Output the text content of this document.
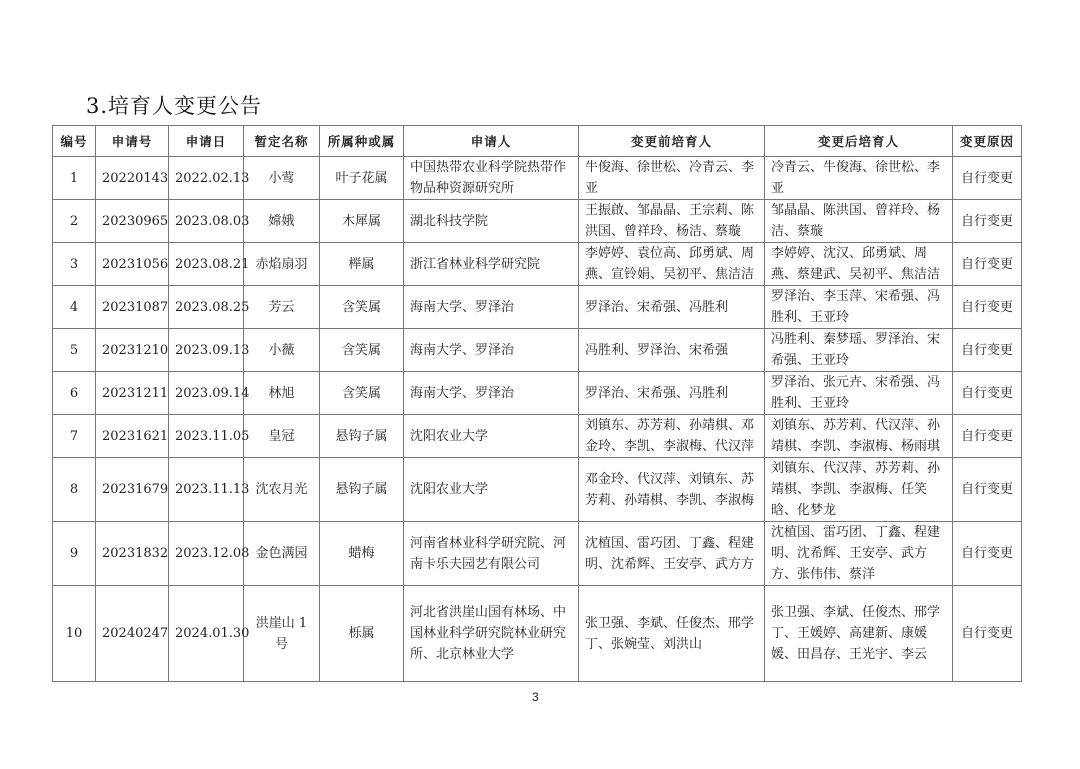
3.培育人变更公告
编号	申请号	申请日	暂定名称	所属种或属	申请人	变更前培育人	变更后培育人	变更原因
1	20220143	2022.02.13	小莺	叶子花属	中国热带农业科学院热带作物品种资源研究所	牛俊海、徐世松、冷青云、李亚	冷青云、牛俊海、徐世松、李亚	自行变更
2	20230965	2023.08.03	嫦娥	木犀属	湖北科技学院	王振啟、邹晶晶、王宗莉、陈洪国、曾祥玲、杨洁、蔡璇	邹晶晶、陈洪国、曾祥玲、杨洁、蔡璇	自行变更
3	20231056	2023.08.21	赤焰扇羽	榉属	浙江省林业科学研究院	李婷婷、袁位高、邱勇斌、周燕、宣铃娟、吴初平、焦洁洁	李婷婷、沈汉、邱勇斌、周燕、蔡建武、吴初平、焦洁洁	自行变更
4	20231087	2023.08.25	芳云	含笑属	海南大学、罗泽治	罗泽治、宋希强、冯胜利	罗泽治、李玉萍、宋希强、冯胜利、王亚玲	自行变更
5	20231210	2023.09.13	小薇	含笑属	海南大学、罗泽治	冯胜利、罗泽治、宋希强	冯胜利、秦梦瑶、罗泽治、宋希强、王亚玲	自行变更
6	20231211	2023.09.14	林旭	含笑属	海南大学、罗泽治	罗泽治、宋希强、冯胜利	罗泽治、张元卉、宋希强、冯胜利、王亚玲	自行变更
7	20231621	2023.11.05	皇冠	悬钩子属	沈阳农业大学	刘镇东、苏芳莉、孙靖棋、邓金玲、李凯、李淑梅、代汉萍	刘镇东、苏芳莉、代汉萍、孙靖棋、李凯、李淑梅、杨雨琪	自行变更
8	20231679	2023.11.13	沈农月光	悬钩子属	沈阳农业大学	邓金玲、代汉萍、刘镇东、苏芳莉、孙靖棋、李凯、李淑梅	刘镇东、代汉萍、苏芳莉、孙靖棋、李凯、李淑梅、任笑晗、化梦龙	自行变更
9	20231832	2023.12.08	金色满园	蜡梅	河南省林业科学研究院、河南卡乐夫园艺有限公司	沈植国、雷巧团、丁鑫、程建明、沈希辉、王安亭、武方方	沈植国、雷巧团、丁鑫、程建明、沈希辉、王安亭、武方方、张伟伟、蔡洋	自行变更
10	20240247	2024.01.30	洪崖山 1 号	栎属	河北省洪崖山国有林场、中国林业科学研究院林业研究所、北京林业大学	张卫强、李斌、任俊杰、邢学丁、张婉莹、刘洪山	张卫强、李斌、任俊杰、邢学丁、王媛婷、高建新、康媛媛、田昌存、王光宇、李云	自行变更
3
